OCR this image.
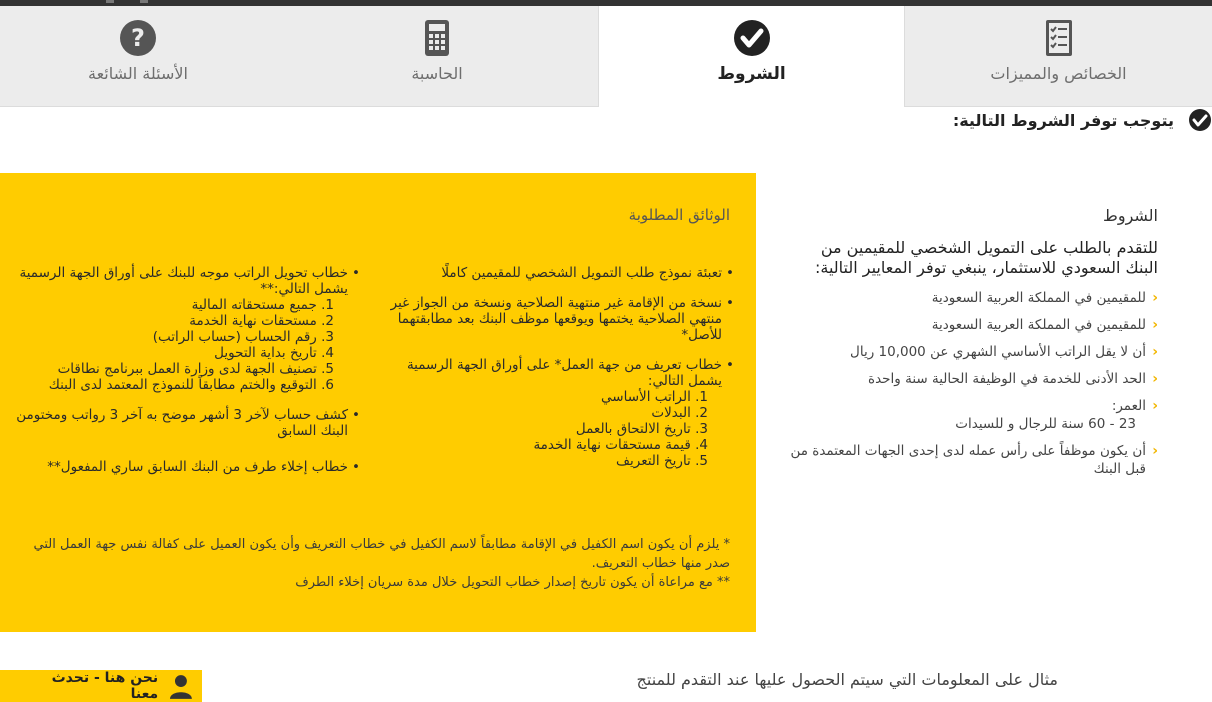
?
الأسئلة الشائعة	الحاسبة	الشروط	الخصائص والمميزات
يتوجب توفر الشروط التالية:
الوثائق المطلوبة
• تعبئة نموذج طلب التمويل الشخصي للمقيمين كاملًا
• نسخة من الإقامة غير منتهية الصلاحية ونسخة من الجواز غير منتهي الصلاحية يختمها ويوقعها موظف البنك بعد مطابقتهما للأصل*
• خطاب تعريف من جهة العمل* على أوراق الجهة الرسمية يشمل التالي:
1. الراتب الأساسي
2. البدلات
3. تاريخ الالتحاق بالعمل
4. قيمة مستحقات نهاية الخدمة
5. تاريخ التعريف
• خطاب تحويل الراتب موجه للبنك على أوراق الجهة الرسمية يشمل التالي:**
1. جميع مستحقاته المالية
2. مستحقات نهاية الخدمة
3. رقم الحساب (حساب الراتب)
4. تاريخ بداية التحويل
5. تصنيف الجهة لدى وزارة العمل ببرنامج نطاقات
6. التوقيع والختم مطابقاً للنموذج المعتمد لدى البنك
• كشف حساب لآخر 3 أشهر موضح به آخر 3 رواتب ومختومن البنك السابق
• خطاب إخلاء طرف من البنك السابق ساري المفعول**
* يلزم أن يكون اسم الكفيل في الإقامة مطابقاً لاسم الكفيل في خطاب التعريف وأن يكون العميل على كفالة نفس جهة العمل التي صدر منها خطاب التعريف.
** مع مراعاة أن يكون تاريخ إصدار خطاب التحويل خلال مدة سريان إخلاء الطرف
الشروط
للتقدم بالطلب على التمويل الشخصي للمقيمين من البنك السعودي للاستثمار، ينبغي توفر المعايير التالية:
‹
للمقيمين في المملكة العربية السعودية
‹
للمقيمين في المملكة العربية السعودية
‹
أن لا يقل الراتب الأساسي الشهري عن 10,000 ريال
‹
الحد الأدنى للخدمة في الوظيفة الحالية سنة واحدة
‹
العمر:
23 - 60 سنة للرجال و للسيدات
‹
أن يكون موظفاً على رأس عمله لدى إحدى الجهات المعتمدة من قبل البنك
مثال على المعلومات التي سيتم الحصول عليها عند التقدم للمنتج
نحن هنا - تحدث معنا
